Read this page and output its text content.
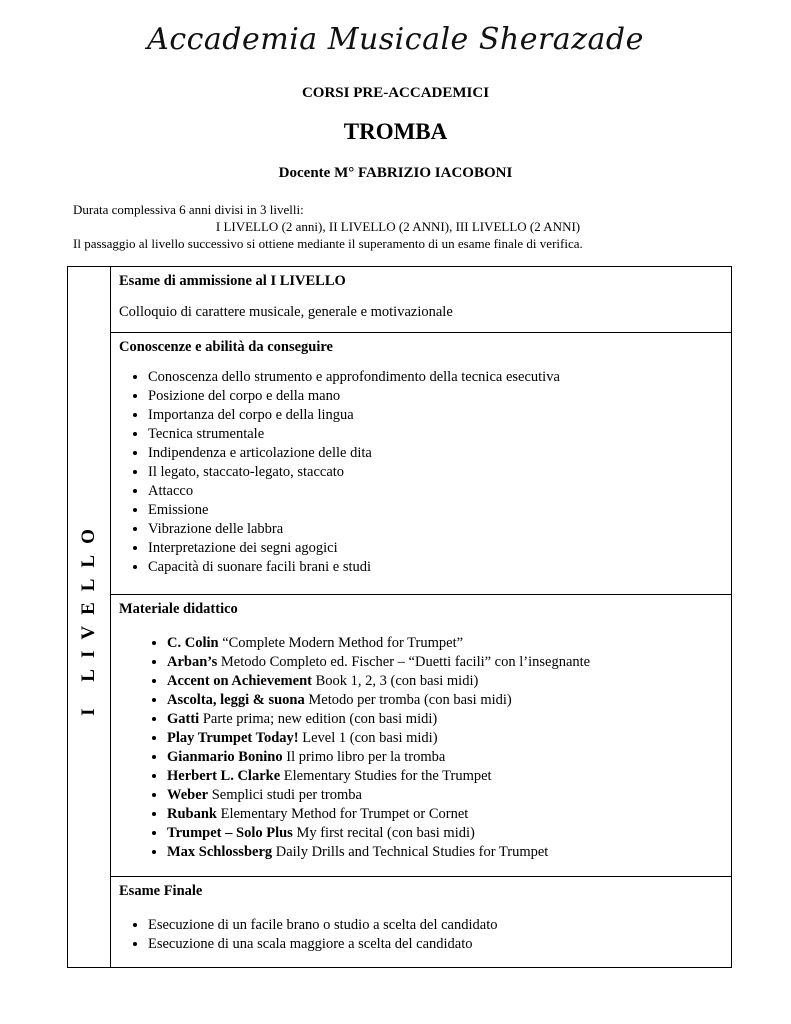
Accademia Musicale Sherazade
CORSI PRE-ACCADEMICI
TROMBA
Docente M° FABRIZIO IACOBONI
Durata complessiva 6 anni divisi in 3 livelli:
I LIVELLO (2 anni), II LIVELLO (2 ANNI), III LIVELLO (2 ANNI)
Il passaggio al livello successivo si ottiene mediante il superamento di un esame finale di verifica.
I LIVELLO
Esame di ammissione al I LIVELLO

Colloquio di carattere musicale, generale e motivazionale

Conoscenze e abilità da conseguire
• Conoscenza dello strumento e approfondimento della tecnica esecutiva
• Posizione del corpo e della mano
• Importanza del corpo e della lingua
• Tecnica strumentale
• Indipendenza e articolazione delle dita
• Il legato, staccato-legato, staccato
• Attacco
• Emissione
• Vibrazione delle labbra
• Interpretazione dei segni agogici
• Capacità di suonare facili brani e studi
Materiale didattico
• C. Colin “Complete Modern Method for Trumpet”
• Arban’s Metodo Completo ed. Fischer – “Duetti facili” con l’insegnante
• Accent on Achievement Book 1, 2, 3 (con basi midi)
• Ascolta, leggi & suona Metodo per tromba (con basi midi)
• Gatti Parte prima; new edition (con basi midi)
• Play Trumpet Today! Level 1 (con basi midi)
• Gianmario Bonino Il primo libro per la tromba
• Herbert L. Clarke Elementary Studies for the Trumpet
• Weber Semplici studi per tromba
• Rubank Elementary Method for Trumpet or Cornet
• Trumpet – Solo Plus My first recital (con basi midi)
• Max Schlossberg Daily Drills and Technical Studies for Trumpet
Esame Finale
• Esecuzione di un facile brano o studio a scelta del candidato
• Esecuzione di una scala maggiore a scelta del candidato
